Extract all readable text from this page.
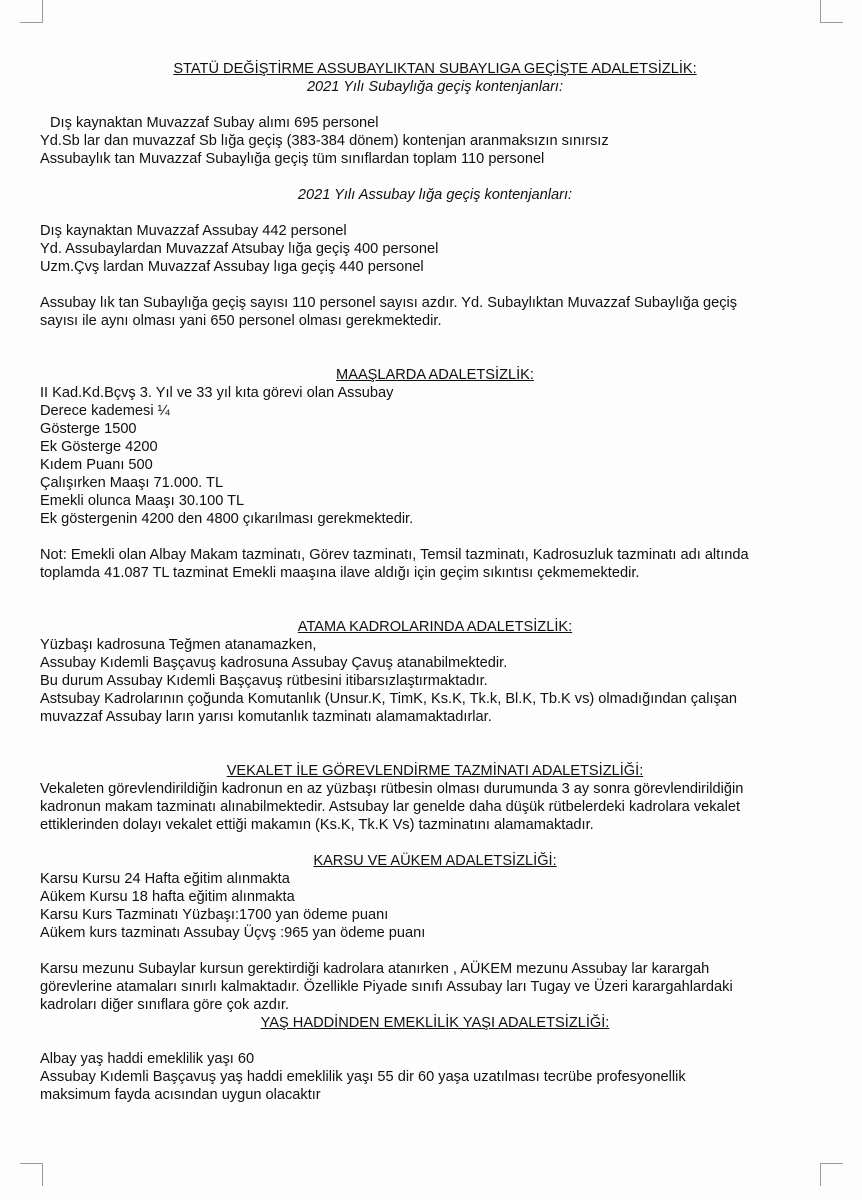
STATÜ DEĞİŞTİRME ASSUBAYLIKTAN SUBAYLIGA GEÇİŞTE ADALETSİZLİK:
2021 Yılı Subaylığa geçiş kontenjanları:
Dış kaynaktan Muvazzaf Subay alımı 695 personel
Yd.Sb lar dan muvazzaf Sb lığa geçiş (383-384 dönem) kontenjan aranmaksızın sınırsız
Assubaylık tan Muvazzaf Subaylığa geçiş tüm sınıflardan toplam 110 personel
2021 Yılı Assubay lığa geçiş kontenjanları:
Dış kaynaktan Muvazzaf Assubay 442 personel
Yd. Assubaylardan Muvazzaf Atsubay lığa geçiş 400 personel
Uzm.Çvş lardan Muvazzaf Assubay lıga geçiş 440 personel
Assubay lık tan Subaylığa geçiş sayısı 110 personel sayısı azdır. Yd. Subaylıktan Muvazzaf Subaylığa geçiş
sayısı ile aynı olması yani 650 personel olması gerekmektedir.
MAAŞLARDA ADALETSİZLİK:
II Kad.Kd.Bçvş 3. Yıl ve 33 yıl kıta görevi olan Assubay
Derece kademesi ¼
Gösterge 1500
Ek Gösterge 4200
Kıdem Puanı 500
Çalışırken Maaşı 71.000. TL
Emekli olunca Maaşı 30.100 TL
Ek göstergenin 4200 den 4800 çıkarılması gerekmektedir.
Not: Emekli olan Albay Makam tazminatı, Görev tazminatı, Temsil tazminatı, Kadrosuzluk tazminatı adı altında
toplamda 41.087 TL tazminat Emekli maaşına ilave aldığı için geçim sıkıntısı çekmemektedir.
ATAMA KADROLARINDA ADALETSİZLİK:
Yüzbaşı kadrosuna Teğmen atanamazken,
Assubay Kıdemli Başçavuş kadrosuna Assubay Çavuş atanabilmektedir.
Bu durum Assubay Kıdemli Başçavuş rütbesini itibarsızlaştırmaktadır.
Astsubay Kadrolarının çoğunda Komutanlık (Unsur.K, TimK, Ks.K, Tk.k, Bl.K, Tb.K vs) olmadığından çalışan
muvazzaf Assubay ların yarısı komutanlık tazminatı alamamaktadırlar.
VEKALET İLE GÖREVLENDİRME TAZMİNATI ADALETSİZLİĞİ:
Vekaleten görevlendirildiğin kadronun en az yüzbaşı rütbesin olması durumunda 3 ay sonra görevlendirildiğin
kadronun makam tazminatı alınabilmektedir. Astsubay lar genelde daha düşük rütbelerdeki kadrolara vekalet
ettiklerinden dolayı vekalet ettiği makamın (Ks.K, Tk.K Vs) tazminatını alamamaktadır.
KARSU VE AÜKEM ADALETSİZLİĞİ:
Karsu Kursu 24 Hafta eğitim alınmakta
Aükem Kursu 18 hafta eğitim alınmakta
Karsu Kurs Tazminatı Yüzbaşı:1700 yan ödeme puanı
Aükem kurs tazminatı Assubay Üçvş :965 yan ödeme puanı
Karsu mezunu Subaylar kursun gerektirdiği kadrolara atanırken , AÜKEM mezunu Assubay lar karargah
görevlerine atamaları sınırlı kalmaktadır. Özellikle Piyade sınıfı Assubay ları Tugay ve Üzeri karargahlardaki
kadroları diğer sınıflara göre çok azdır.
YAŞ HADDİNDEN EMEKLİLİK YAŞI ADALETSİZLİĞİ:
Albay yaş haddi emeklilik yaşı 60
Assubay Kıdemli Başçavuş yaş haddi emeklilik yaşı 55 dir 60 yaşa uzatılması tecrübe profesyonellik
maksimum fayda acısından uygun olacaktır
